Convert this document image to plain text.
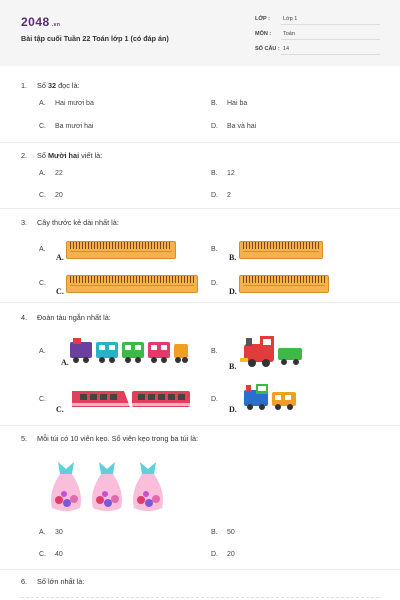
2048 .vn
Bài tập cuối Tuần 22 Toán lớp 1 (có đáp án)
LỚP : Lớp 1
MÔN : Toán
SỐ CÂU : 14
1. Số 32 đọc là:
A. Hai mươi ba	B. Hai ba
C. Ba mươi hai	D. Ba và hai
2. Số Mười hai viết là:
A. 22	B. 12
C. 20	D. 2
3. Cây thước kẻ dài nhất là:
A.
A.
B.
B.
C.
C.
D.
D.
4. Đoàn tàu ngắn nhất là:
A.
A.
B.
B.
C.
C.
D.
D.
5. Mỗi túi có 10 viên kẹo. Số viên kẹo trong ba túi là:
A. 30	B. 50
C. 40	D. 20
6. Số lớn nhất là:
